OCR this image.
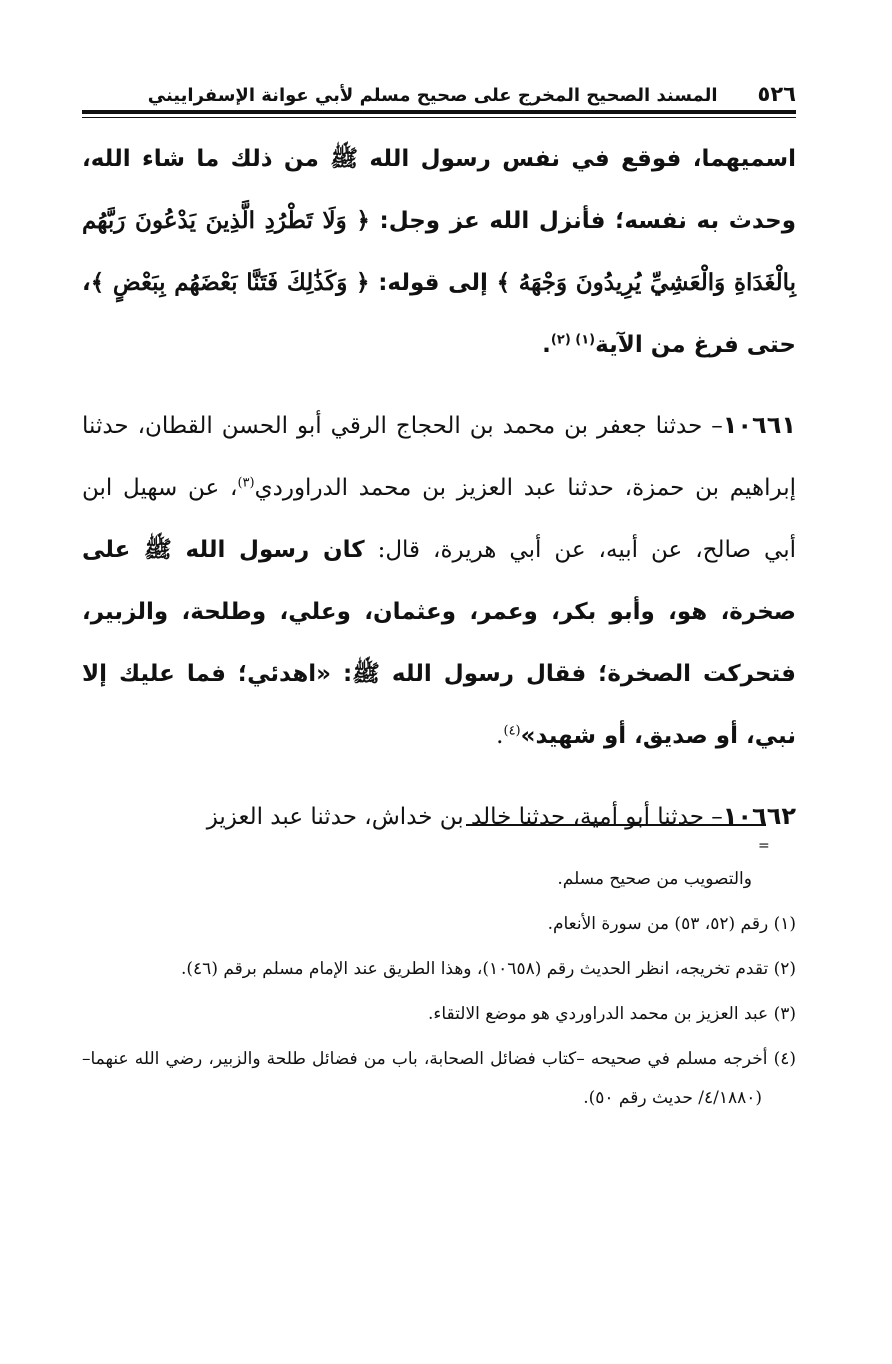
٥٢٦
المسند الصحيح المخرج على صحيح مسلم لأبي عوانة الإسفراييني

اسميهما، فوقع في نفس رسول الله ﷺ من ذلك ما شاء الله، وحدث به نفسه؛ فأنزل الله عز وجل: ﴿ وَلَا تَطْرُدِ الَّذِينَ يَدْعُونَ رَبَّهُم بِالْغَدَاةِ وَالْعَشِيِّ يُرِيدُونَ وَجْهَهُ ﴾ إلى قوله: ﴿ وَكَذَٰلِكَ فَتَنَّا بَعْضَهُم بِبَعْضٍ ﴾، حتى فرغ من الآية$^{(١)}$ $^{(٢)}$.

١٠٦٦١– حدثنا جعفر بن محمد بن الحجاج الرقي أبو الحسن القطان، حدثنا إبراهيم بن حمزة، حدثنا عبد العزيز بن محمد الدراوردي$^{(٣)}$، عن سهيل ابن أبي صالح، عن أبيه، عن أبي هريرة، قال: كان رسول الله ﷺ على صخرة، هو، وأبو بكر، وعمر، وعثمان، وعلي، وطلحة، والزبير، فتحركت الصخرة؛ فقال رسول الله ﷺ: «اهدئي؛ فما عليك إلا نبي، أو صديق، أو شهيد»$^{(٤)}$.

١٠٦٦٢– حدثنا أبو أمية، حدثنا خالد بن خداش، حدثنا عبد العزيز

=

والتصويب من صحيح مسلم.

(١) رقم (٥٢، ٥٣) من سورة الأنعام.

(٢) تقدم تخريجه، انظر الحديث رقم (١٠٦٥٨)، وهذا الطريق عند الإمام مسلم برقم (٤٦).

(٣) عبد العزيز بن محمد الدراوردي هو موضع الالتقاء.

(٤) أخرجه مسلم في صحيحه –كتاب فضائل الصحابة، باب من فضائل طلحة والزبير، رضي الله عنهما– (٤/١٨٨٠/ حديث رقم ٥٠).
